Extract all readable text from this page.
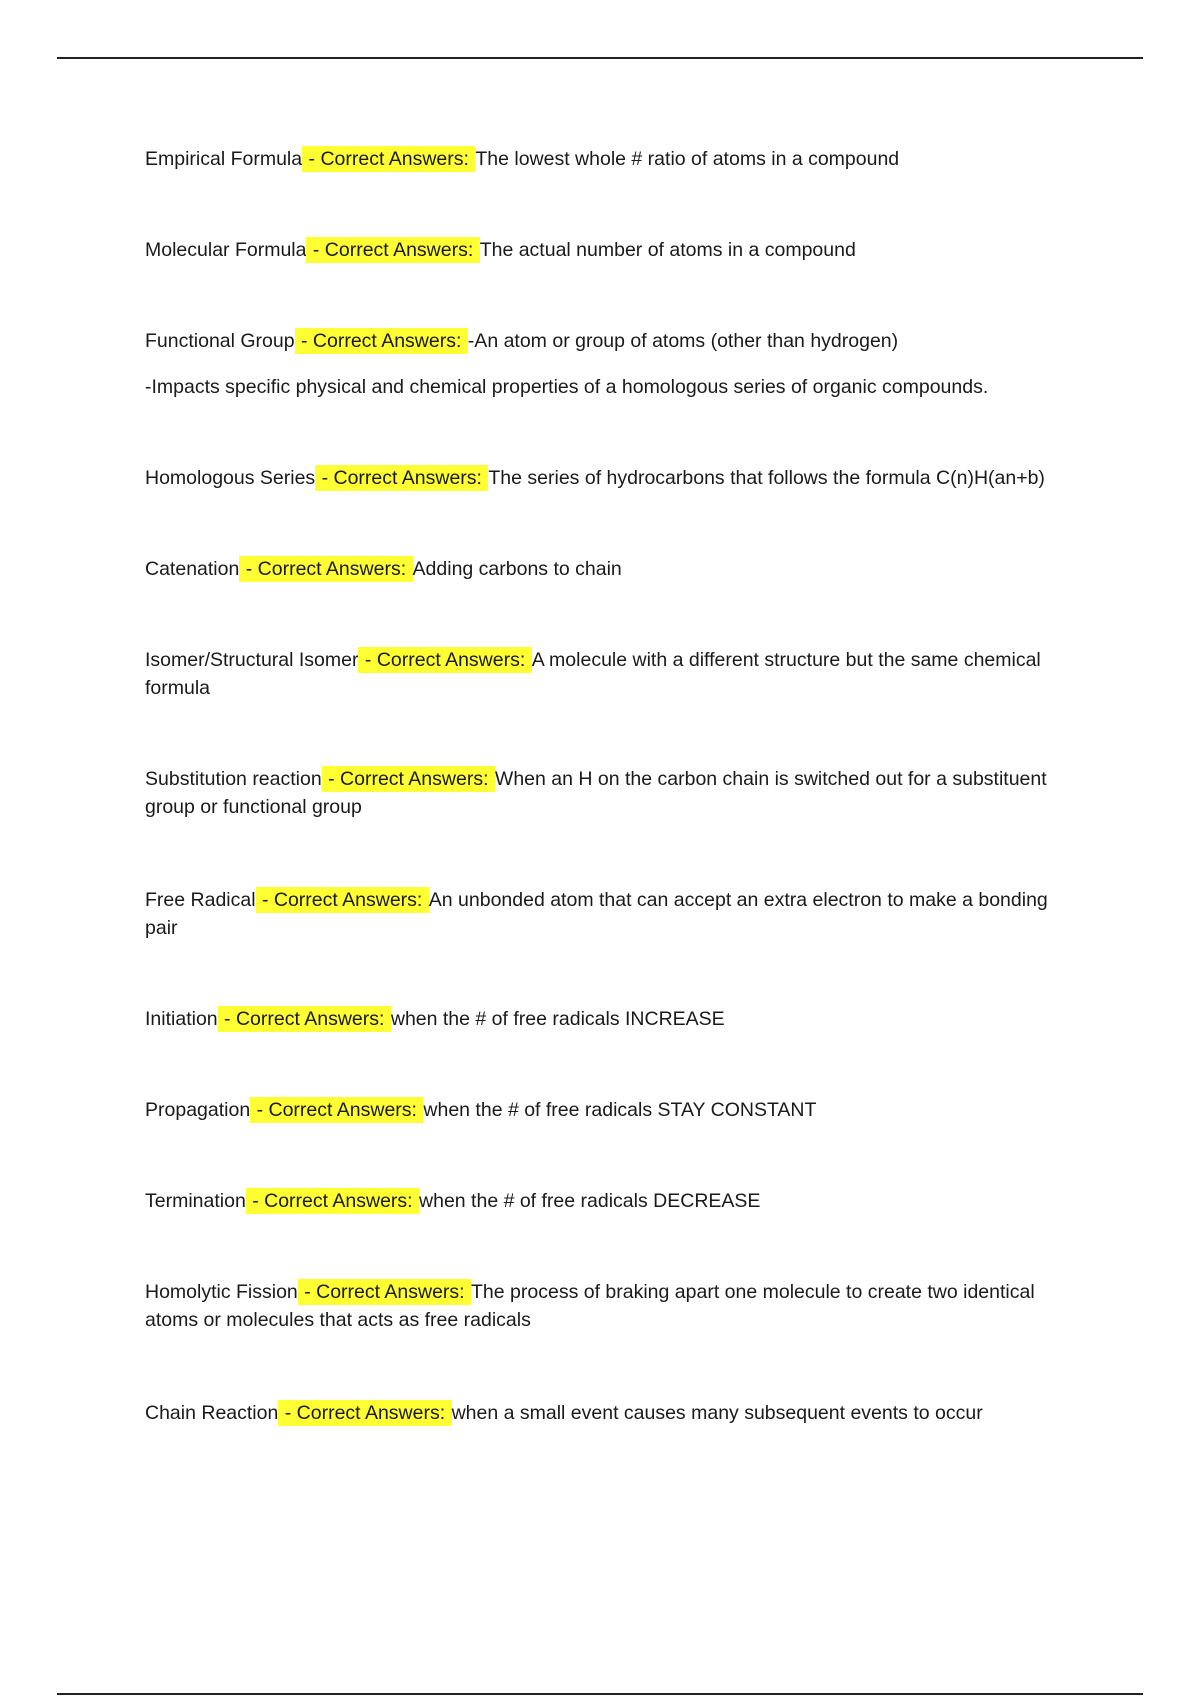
Empirical Formula - Correct Answers: The lowest whole # ratio of atoms in a compound

Molecular Formula - Correct Answers: The actual number of atoms in a compound

Functional Group - Correct Answers: -An atom or group of atoms (other than hydrogen)

-Impacts specific physical and chemical properties of a homologous series of organic compounds.

Homologous Series - Correct Answers: The series of hydrocarbons that follows the formula C(n)H(an+b)

Catenation - Correct Answers: Adding carbons to chain

Isomer/Structural Isomer - Correct Answers: A molecule with a different structure but the same chemical formula

Substitution reaction - Correct Answers: When an H on the carbon chain is switched out for a substituent group or functional group

Free Radical - Correct Answers: An unbonded atom that can accept an extra electron to make a bonding pair

Initiation - Correct Answers: when the # of free radicals INCREASE

Propagation - Correct Answers: when the # of free radicals STAY CONSTANT

Termination - Correct Answers: when the # of free radicals DECREASE

Homolytic Fission - Correct Answers: The process of braking apart one molecule to create two identical atoms or molecules that acts as free radicals

Chain Reaction - Correct Answers: when a small event causes many subsequent events to occur
